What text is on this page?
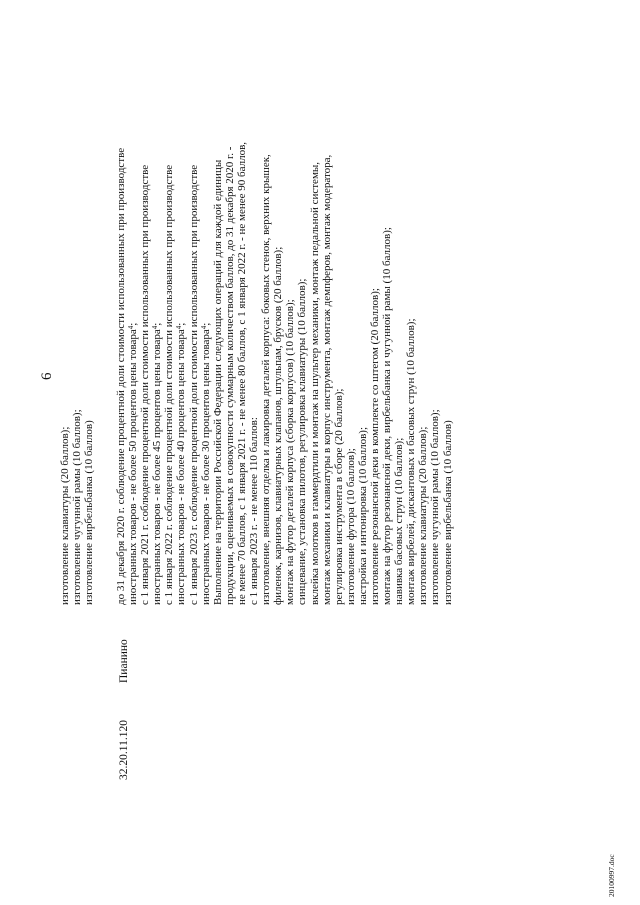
6
изготовление клавиатуры (20 баллов); изготовление чугунной рамы (10 баллов); изготовление вирбельбанка (10 баллов)
32.20.11.120
Пианино
до 31 декабря 2020 г. соблюдение процентной доли стоимости использованных при производстве иностранных товаров - не более 50 процентов цены товара$^4$; с 1 января 2021 г. соблюдение процентной доли стоимости использованных при производстве иностранных товаров - не более 45 процентов цены товара$^4$; с 1 января 2022 г. соблюдение процентной доли стоимости использованных при производстве иностранных товаров - не более 40 процентов цены товара$^4$; с 1 января 2023 г. соблюдение процентной доли стоимости использованных при производстве иностранных товаров - не более 30 процентов цены товара$^4$; Выполнение на территории Российской Федерации следующих операций для каждой единицы продукции, оцениваемых в совокупности суммарным количеством баллов, до 31 декабря 2020 г. - не менее 70 баллов, с 1 января 2021 г. - не менее 80 баллов, с 1 января 2022 г. - не менее 90 баллов, с 1 января 2023 г. - не менее 110 баллов: изготовление, внешняя отделка и лакировка деталей корпуса: боковых стенок, верхних крышек, филенок, карнизов, клавиатурных клапанов, штульпам, брусков (20 баллов); монтаж на футор деталей корпуса (сборка корпусов) (10 баллов); синцевание, установка пилотов, регулировка клавиатуры (10 баллов); вклейка молотков в гаммердтили и монтаж на шультер механики, монтаж педальной системы, монтаж механики и клавиатуры в корпус инструмента, монтаж демпферов, монтаж модератора, регулировка инструмента в сборе (20 баллов); изготовление футора (10 баллов); настройка и интонировка (10 баллов); изготовление резонансной деки в комплекте со штегом (20 баллов); монтаж на футор резонансной деки, вирбельбанка и чугунной рамы (10 баллов); навивка басовых струн (10 баллов); монтаж вирбелей, дискантовых и басовых струн (10 баллов); изготовление клавиатуры (20 баллов); изготовление чугунной рамы (10 баллов); изготовление вирбельбанка (10 баллов)
20100997.doc
